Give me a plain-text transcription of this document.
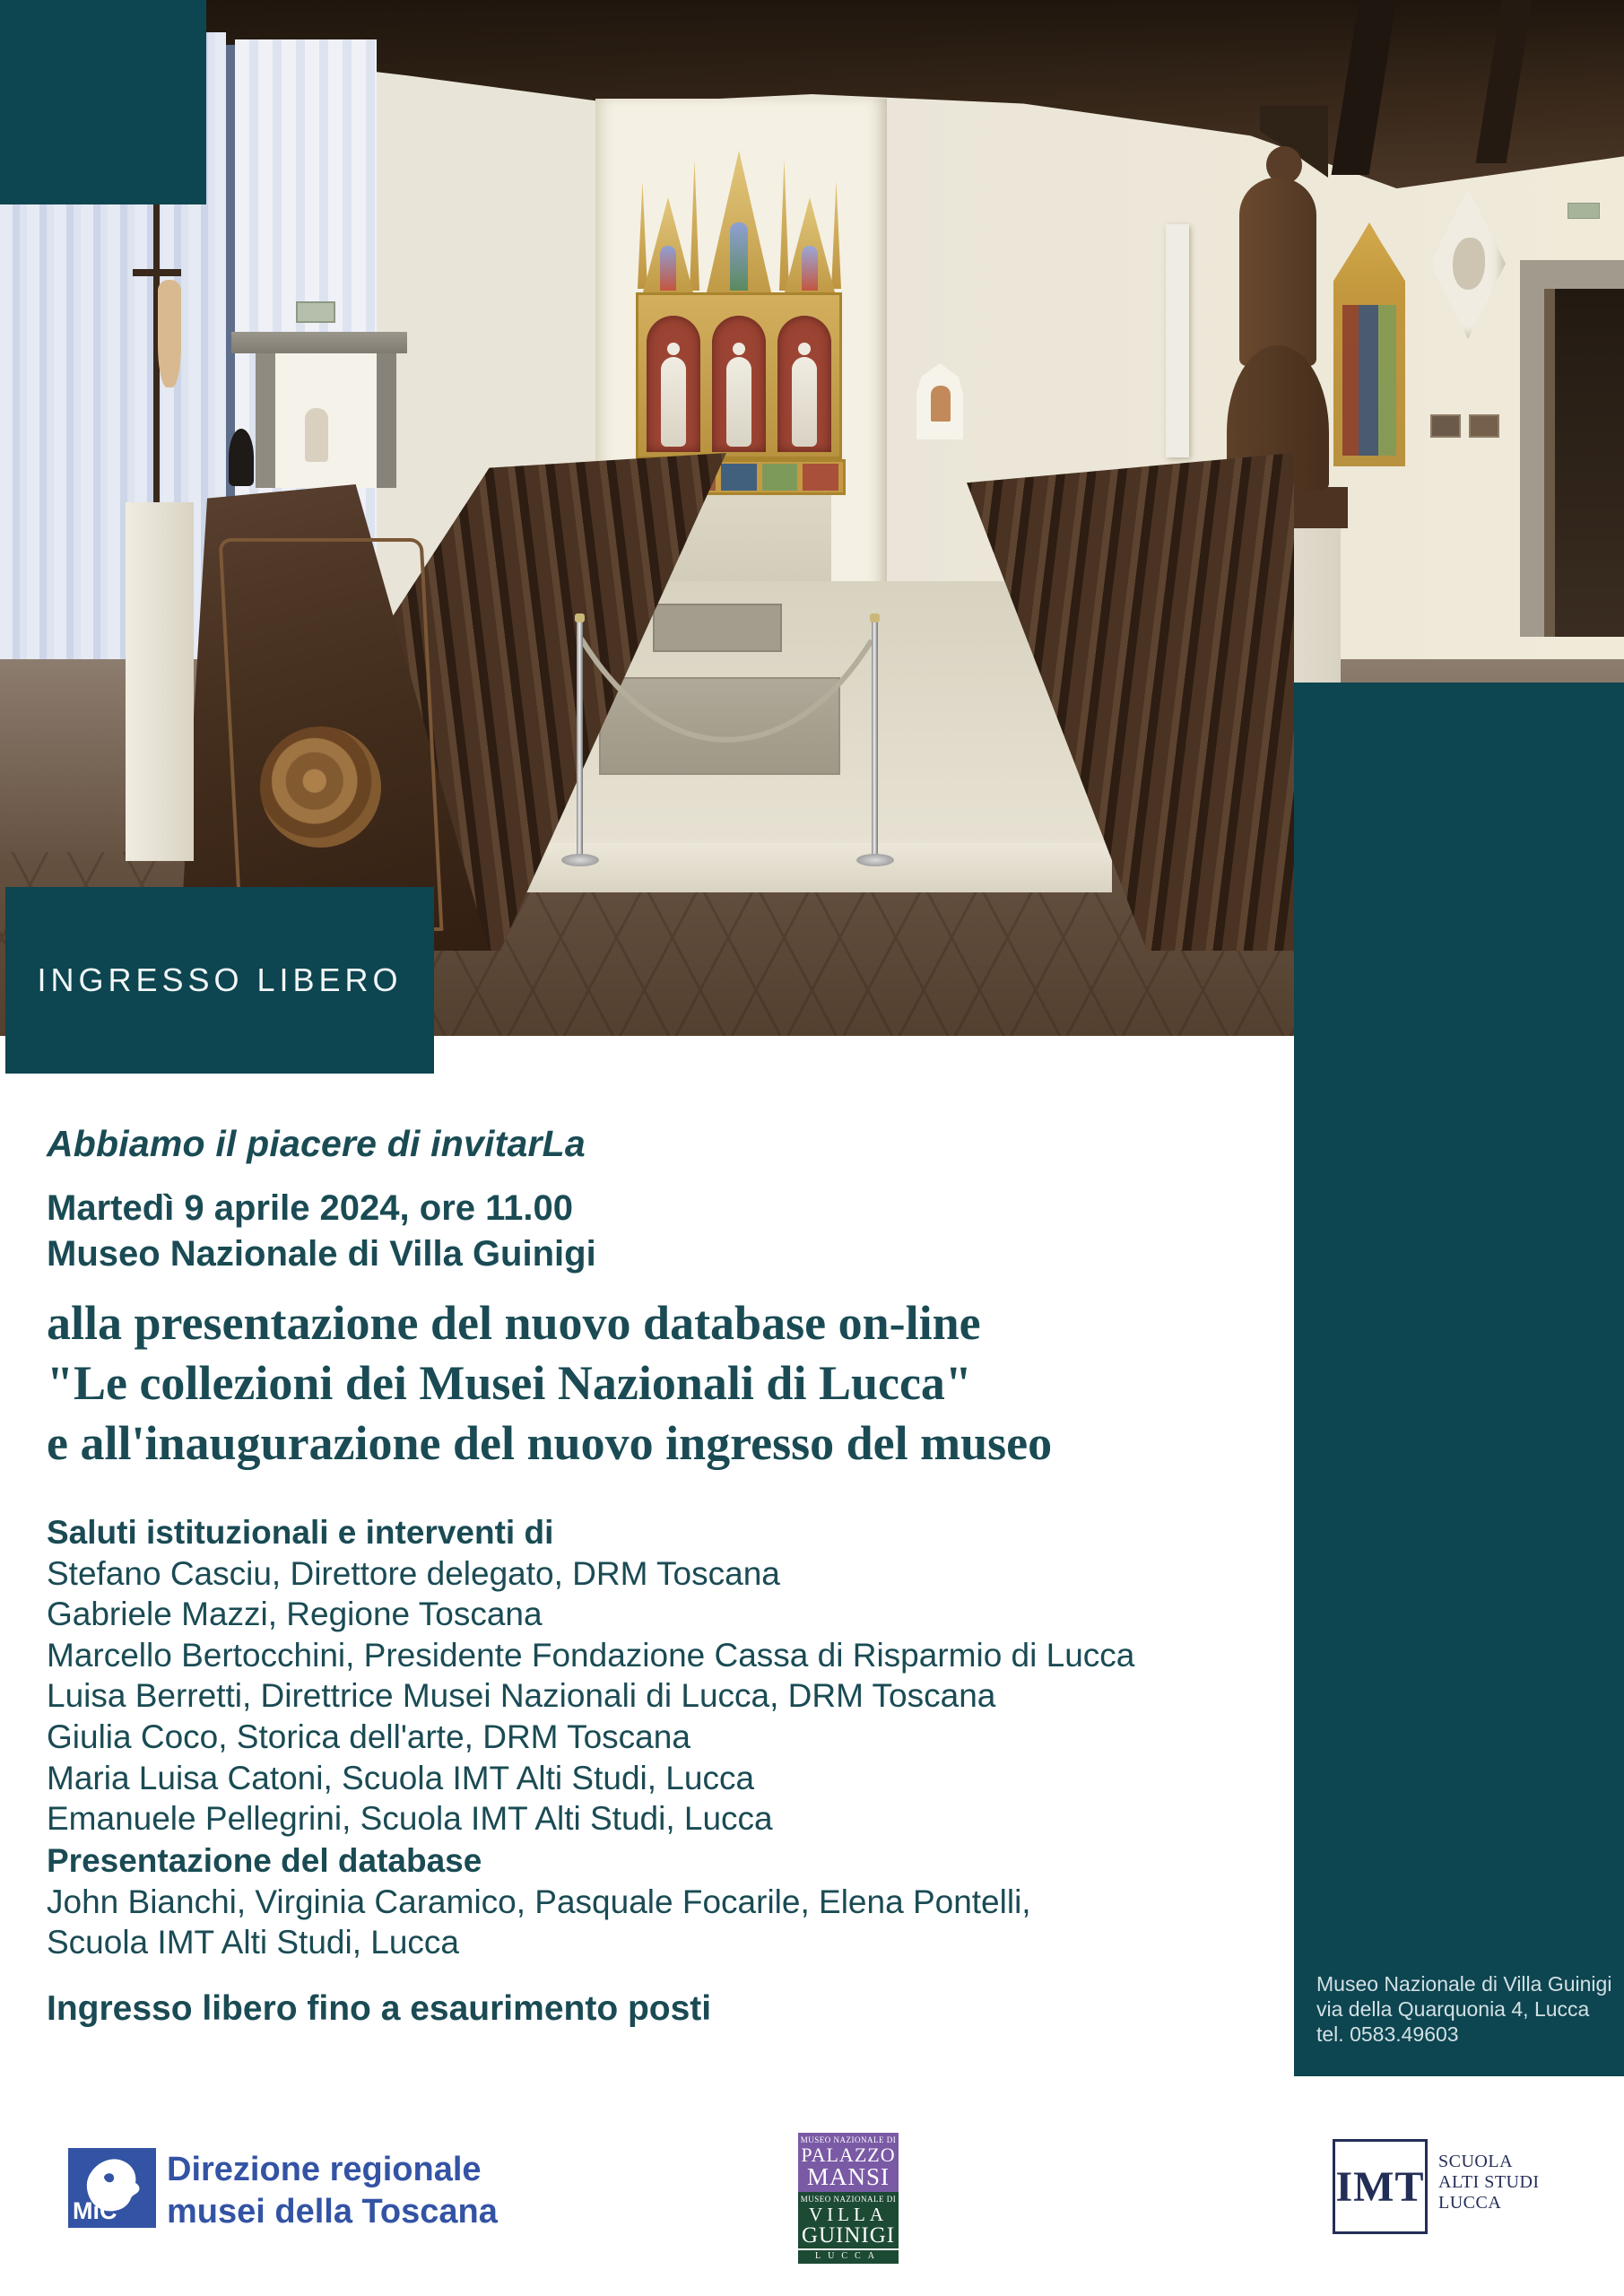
INGRESSO LIBERO
Museo Nazionale di Villa Guinigi
via della Quarquonia 4, Lucca
tel. 0583.49603
Abbiamo il piacere di invitarLa
Martedì 9 aprile 2024, ore 11.00
Museo Nazionale di Villa Guinigi
alla presentazione del nuovo database on-line
"Le collezioni dei Musei Nazionali di Lucca"
e all'inaugurazione del nuovo ingresso del museo
Saluti istituzionali e interventi di
Stefano Casciu, Direttore delegato, DRM Toscana
Gabriele Mazzi, Regione Toscana
Marcello Bertocchini, Presidente Fondazione Cassa di Risparmio di Lucca
Luisa Berretti, Direttrice Musei Nazionali di Lucca, DRM Toscana
Giulia Coco, Storica dell'arte, DRM Toscana
Maria Luisa Catoni, Scuola IMT Alti Studi, Lucca
Emanuele Pellegrini, Scuola IMT Alti Studi, Lucca
Presentazione del database
John Bianchi, Virginia Caramico, Pasquale Focarile, Elena Pontelli,
Scuola IMT Alti Studi, Lucca
Ingresso libero fino a esaurimento posti
MiC
Direzione regionale
musei della Toscana
MUSEO NAZIONALE DI
PALAZZO
MANSI
MUSEO NAZIONALE DI
VILLA
GUINIGI
LUCCA
IMT
SCUOLA
ALTI STUDI
LUCCA
